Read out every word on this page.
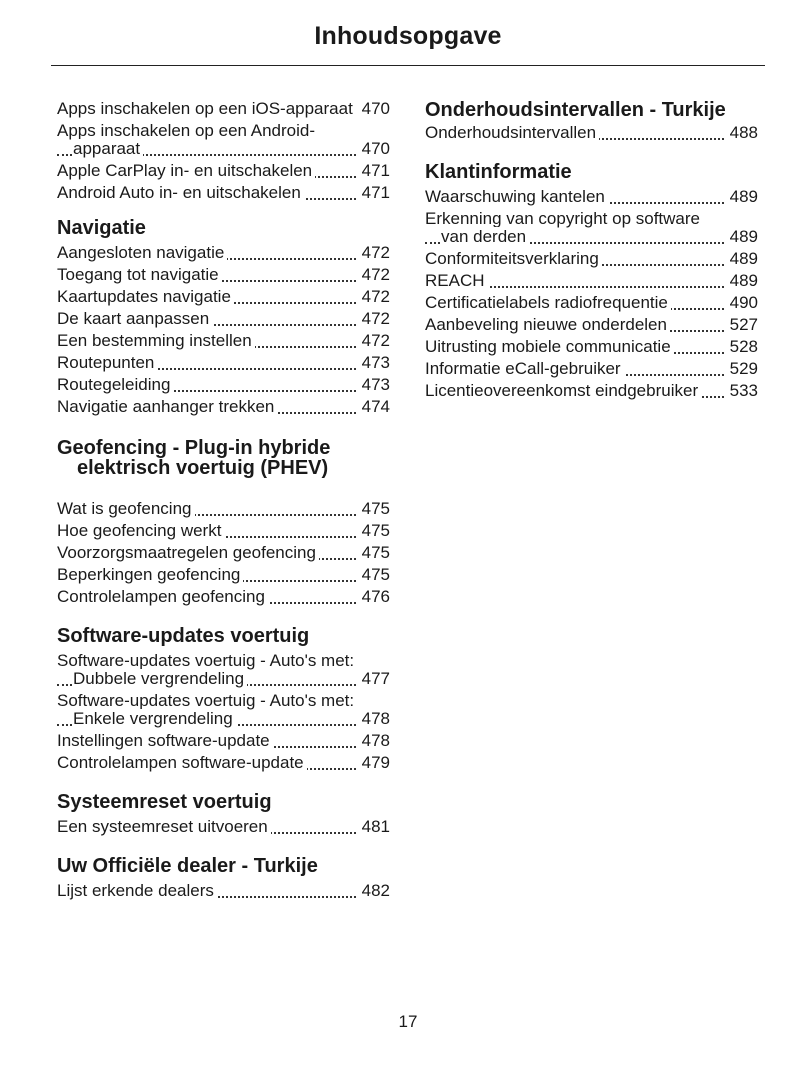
Inhoudsopgave
Apps inschakelen op een iOS-apparaat 470
Apps inschakelen op een Android-apparaat	470
Apple CarPlay in- en uitschakelen	471
Android Auto in- en uitschakelen	471
Navigatie
Aangesloten navigatie	472
Toegang tot navigatie	472
Kaartupdates navigatie	472
De kaart aanpassen	472
Een bestemming instellen	472
Routepunten	473
Routegeleiding	473
Navigatie aanhanger trekken	474
Geofencing - Plug-in hybride elektrisch voertuig (PHEV)
Wat is geofencing	475
Hoe geofencing werkt	475
Voorzorgsmaatregelen geofencing	475
Beperkingen geofencing	475
Controlelampen geofencing	476
Software-updates voertuig
Software-updates voertuig - Auto's met: Dubbele vergrendeling	477
Software-updates voertuig - Auto's met: Enkele vergrendeling	478
Instellingen software-update	478
Controlelampen software-update	479
Systeemreset voertuig
Een systeemreset uitvoeren	481
Uw Officiële dealer - Turkije
Lijst erkende dealers	482
Onderhoudsintervallen - Turkije
Onderhoudsintervallen	488
Klantinformatie
Waarschuwing kantelen	489
Erkenning van copyright op software van derden	489
Conformiteitsverklaring	489
REACH	489
Certificatielabels radiofrequentie	490
Aanbeveling nieuwe onderdelen	527
Uitrusting mobiele communicatie	528
Informatie eCall-gebruiker	529
Licentieovereenkomst eindgebruiker	533
17
